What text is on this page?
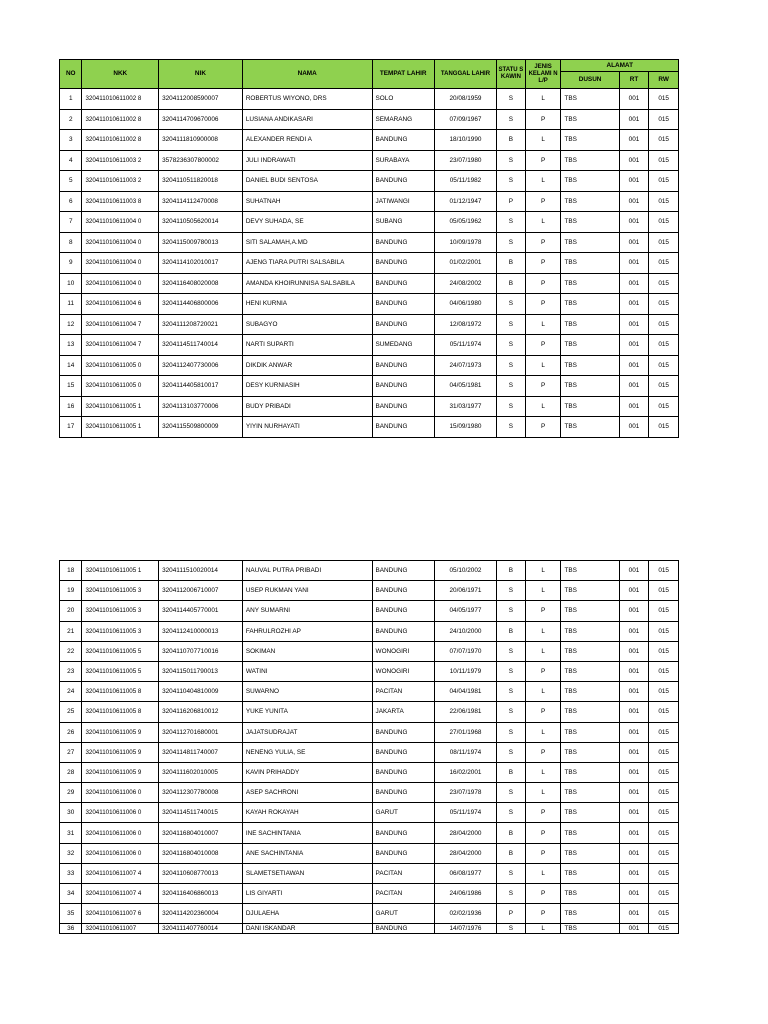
NO	NKK	NIK	NAMA	TEMPAT LAHIR	TANGGAL LAHIR	STATU S KAWIN	JENIS KELAMI N L/P	ALAMAT		
								DUSUN	RT	RW
1	320411010611002 8	3204112008590007	ROBERTUS WIYONO, DRS	SOLO	20/08/1959	S	L	TBS	001	015
2	320411010611002 8	3204114709670006	LUSIANA ANDIKASARI	SEMARANG	07/09/1967	S	P	TBS	001	015
3	320411010611002 8	3204111810900008	ALEXANDER RENDI A	BANDUNG	18/10/1990	B	L	TBS	001	015
4	320411010611003 2	3578236307800002	JULI INDRAWATI	SURABAYA	23/07/1980	S	P	TBS	001	015
5	320411010611003 2	3204110511820018	DANIEL BUDI SENTOSA	BANDUNG	05/11/1982	S	L	TBS	001	015
6	320411010611003 8	3204114112470008	SUHATNAH	JATIWANGI	01/12/1947	P	P	TBS	001	015
7	320411010611004 0	3204110505620014	DEVY SUHADA, SE	SUBANG	05/05/1962	S	L	TBS	001	015
8	320411010611004 0	3204115009780013	SITI SALAMAH,A.MD	BANDUNG	10/09/1978	S	P	TBS	001	015
9	320411010611004 0	3204114102010017	AJENG TIARA PUTRI SALSABILA	BANDUNG	01/02/2001	B	P	TBS	001	015
10	320411010611004 0	3204116408020008	AMANDA KHOIRUNNISA SALSABILA	BANDUNG	24/08/2002	B	P	TBS	001	015
11	320411010611004 6	3204114406800006	HENI KURNIA	BANDUNG	04/06/1980	S	P	TBS	001	015
12	320411010611004 7	3204111208720021	SUBAGYO	BANDUNG	12/08/1972	S	L	TBS	001	015
13	320411010611004 7	3204114511740014	NARTI SUPARTI	SUMEDANG	05/11/1974	S	P	TBS	001	015
14	320411010611005 0	3204112407730006	DIKDIK ANWAR	BANDUNG	24/07/1973	S	L	TBS	001	015
15	320411010611005 0	3204114405810017	DESY KURNIASIH	BANDUNG	04/05/1981	S	P	TBS	001	015
16	320411010611005 1	3204113103770006	BUDY PRIBADI	BANDUNG	31/03/1977	S	L	TBS	001	015
17	320411010611005 1	3204115509800009	YIYIN NURHAYATI	BANDUNG	15/09/1980	S	P	TBS	001	015
18	320411010611005 1	3204111510020014	NAUVAL PUTRA PRIBADI	BANDUNG	05/10/2002	B	L	TBS	001	015
19	320411010611005 3	3204112006710007	USEP RUKMAN YANI	BANDUNG	20/06/1971	S	L	TBS	001	015
20	320411010611005 3	3204114405770001	ANY SUMARNI	BANDUNG	04/05/1977	S	P	TBS	001	015
21	320411010611005 3	3204112410000013	FAHRULROZHI AP	BANDUNG	24/10/2000	B	L	TBS	001	015
22	320411010611005 5	3204110707710016	SOKIMAN	WONOGIRI	07/07/1970	S	L	TBS	001	015
23	320411010611005 5	3204115011790013	WATINI	WONOGIRI	10/11/1979	S	P	TBS	001	015
24	320411010611005 8	3204110404810009	SUWARNO	PACITAN	04/04/1981	S	L	TBS	001	015
25	320411010611005 8	3204116206810012	YUKE YUNITA	JAKARTA	22/06/1981	S	P	TBS	001	015
26	320411010611005 9	3204112701680001	JAJATSUDRAJAT	BANDUNG	27/01/1968	S	L	TBS	001	015
27	320411010611005 9	3204114811740007	NENENG YULIA, SE	BANDUNG	08/11/1974	S	P	TBS	001	015
28	320411010611005 9	3204111602010005	KAVIN PRIHADDY	BANDUNG	16/02/2001	B	L	TBS	001	015
29	320411010611006 0	3204112307780008	ASEP SACHRONI	BANDUNG	23/07/1978	S	L	TBS	001	015
30	320411010611006 0	3204114511740015	KAYAH ROKAYAH	GARUT	05/11/1974	S	P	TBS	001	015
31	320411010611006 0	3204116804010007	INE SACHINTANIA	BANDUNG	28/04/2000	B	P	TBS	001	015
32	320411010611006 0	3204116804010008	ANE SACHINTANIA	BANDUNG	28/04/2000	B	P	TBS	001	015
33	320411010611007 4	3204110608770013	SLAMETSETIAWAN	PACITAN	06/08/1977	S	L	TBS	001	015
34	320411010611007 4	3204116406860013	LIS GIYARTI	PACITAN	24/06/1986	S	P	TBS	001	015
35	320411010611007 6	3204114202360004	DJULAEHA	GARUT	02/02/1936	P	P	TBS	001	015
36	320411010611007	3204111407760014	DANI ISKANDAR	BANDUNG	14/07/1976	S	L	TBS	001	015
